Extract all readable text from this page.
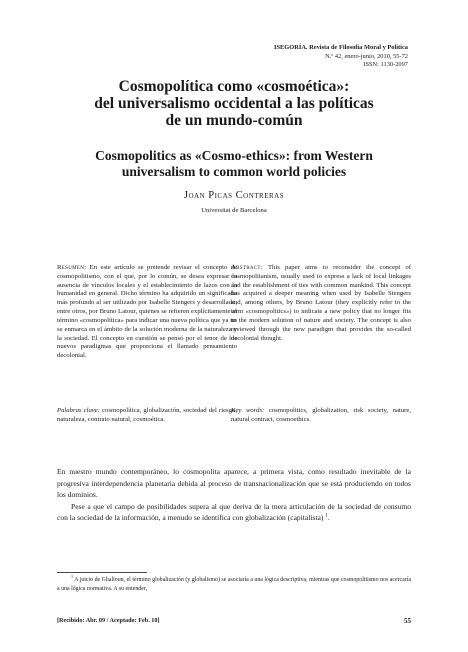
ISEGORÍA. Revista de Filosofía Moral y Política
N.º 42, enero-junio, 2010, 55-72
ISSN: 1130-2097
Cosmopolítica como «cosmoética»:
del universalismo occidental a las políticas
de un mundo-común
Cosmopolitics as «Cosmo-ethics»: from Western
universalism to common world policies
Joan Picas Contreras
Universitat de Barcelona
Resumen: En este artículo se pretende revisar el concepto de cosmopolitismo, con el que, por lo común, se desea expresar la ausencia de vínculos locales y el establecimiento de lazos con la humanidad en general. Dicho término ha adquirido un significado más profundo al ser utilizado por Isabelle Stengers y desarrollado, entre otros, por Bruno Latour, quienes se refieren explícitamente al término «cosmopolítica» para indicar una nueva política que ya no se enmarca en el ámbito de la solución moderna de la naturaleza y la sociedad. El concepto en cuestión se pensó por el tenor de los nuevos paradigmas que proporciona el llamado pensamiento decolonial.
Abstract: This paper aims to reconsider the concept of cosmopolitanism, usually used to express a lack of local linkages and the establishment of ties with common mankind. This concept has acquired a deeper meaning when used by Isabelle Stengers and, among others, by Bruno Latour (they explicitly refer to the term «cosmopolitics») to indicate a new policy that no longer fits in the modern solution of nature and society. The concept is also reviewed through the new paradigm that provides the so-called decolonial thought.
Palabras clave: cosmopolítica, globalización, sociedad del riesgo, naturaleza, contrato natural, cosmoética.
Key words: cosmopolitics, globalization, risk society, nature, natural contract, cosmoethics.

En nuestro mundo contemporáneo, lo cosmopolita aparece, a primera vista, como resultado inevitable de la progresiva interdependencia planetaria debida al proceso de transnacionalización que se está produciendo en todos los dominios.

Pese a que el campo de posibilidades supera al que deriva de la mera articulación de la sociedad de consumo con la sociedad de la información, a menudo se identifica con globalización (capitalista) $^1$.

$^1$ A juicio de Ghalioun, el término globalización (y globalismo) se asociaría a una lógica descriptiva, mientras que cosmopolitismo nos acercaría a una lógica normativa. A su entender,
[Recibido: Abr. 09 / Aceptado: Feb. 10]	55
